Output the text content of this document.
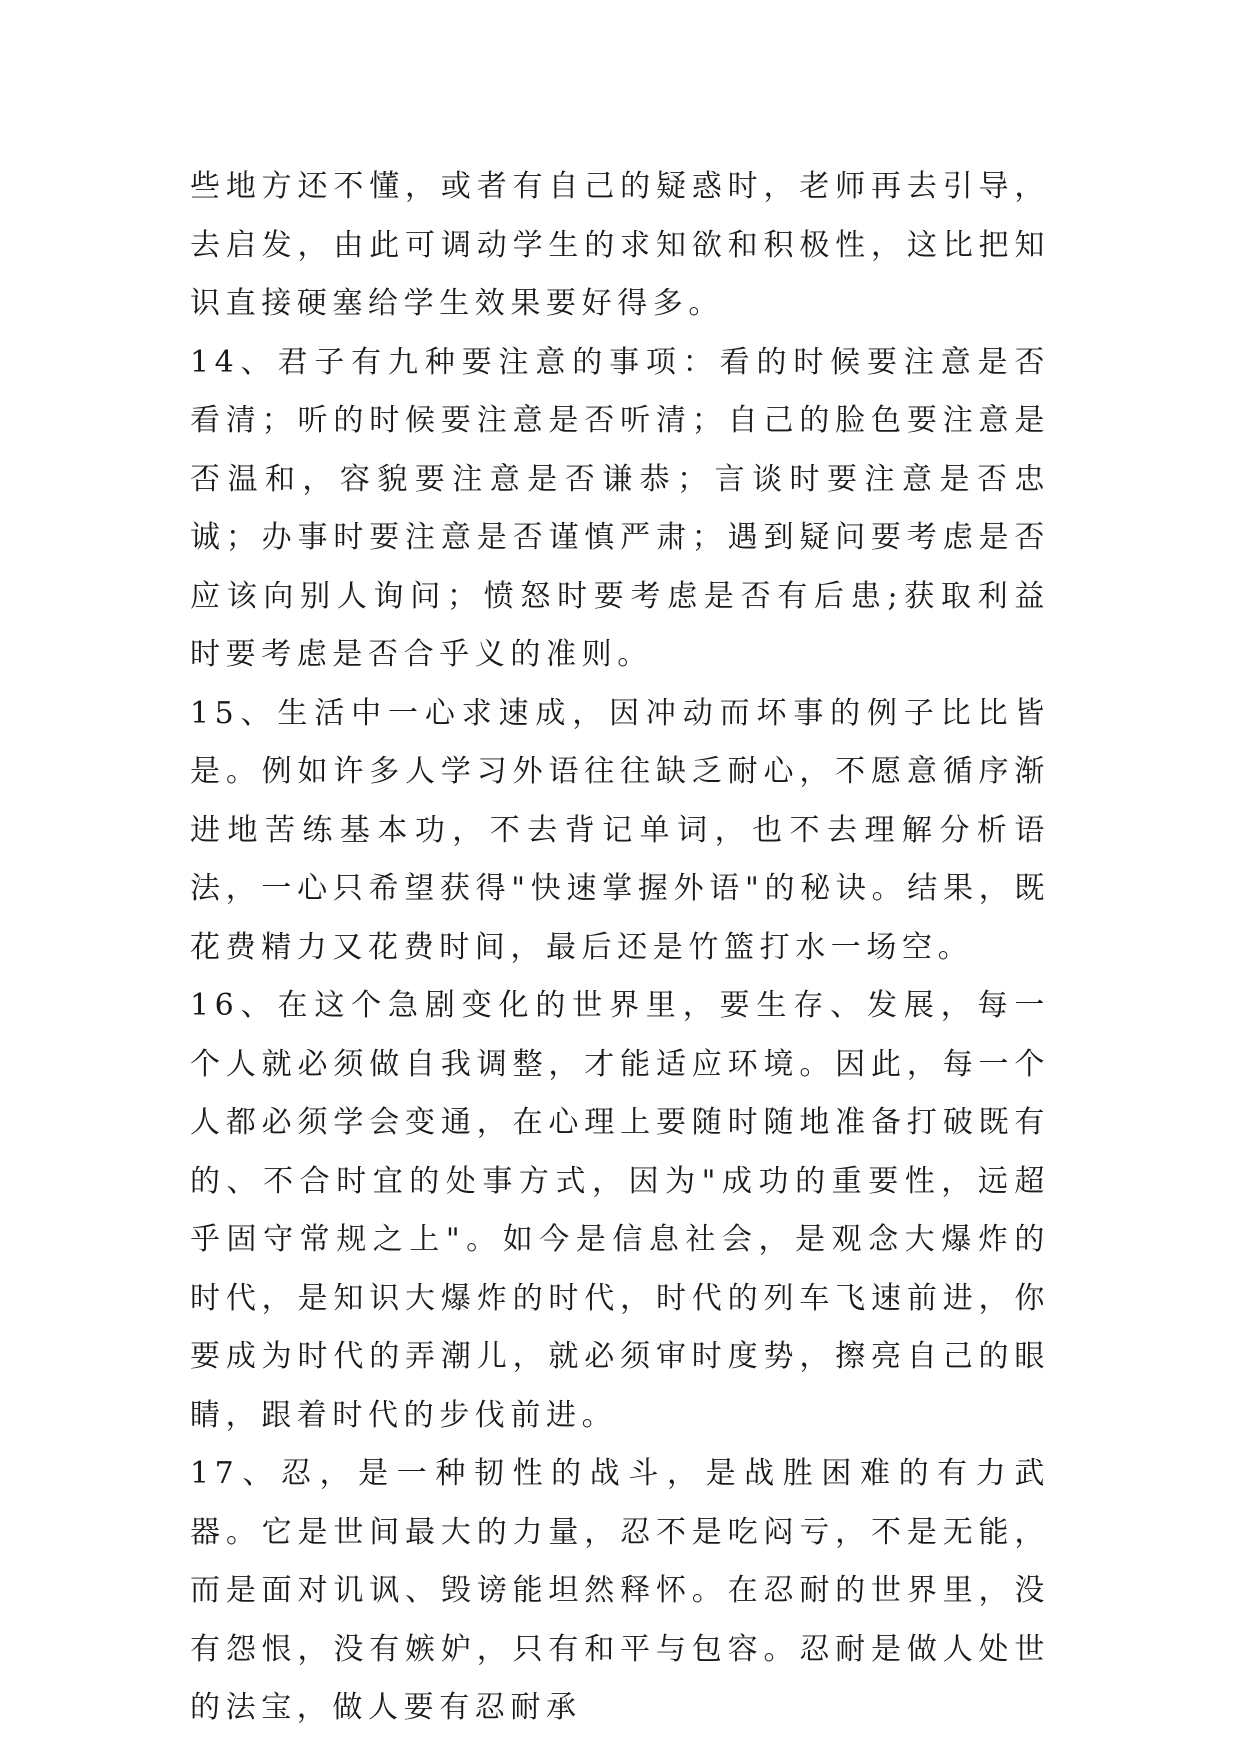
些地方还不懂，或者有自己的疑惑时，老师再去引导，去启发，由此可调动学生的求知欲和积极性，这比把知识直接硬塞给学生效果要好得多。

14、君子有九种要注意的事项：看的时候要注意是否看清；听的时候要注意是否听清；自己的脸色要注意是否温和，容貌要注意是否谦恭；言谈时要注意是否忠诚；办事时要注意是否谨慎严肃；遇到疑问要考虑是否应该向别人询问；愤怒时要考虑是否有后患;获取利益时要考虑是否合乎义的准则。

15、生活中一心求速成，因冲动而坏事的例子比比皆是。例如许多人学习外语往往缺乏耐心，不愿意循序渐进地苦练基本功，不去背记单词，也不去理解分析语法，一心只希望获得"快速掌握外语"的秘诀。结果，既花费精力又花费时间，最后还是竹篮打水一场空。

16、在这个急剧变化的世界里，要生存、发展，每一个人就必须做自我调整，才能适应环境。因此，每一个人都必须学会变通，在心理上要随时随地准备打破既有的、不合时宜的处事方式，因为"成功的重要性，远超乎固守常规之上"。如今是信息社会，是观念大爆炸的时代，是知识大爆炸的时代，时代的列车飞速前进，你要成为时代的弄潮儿，就必须审时度势，擦亮自己的眼睛，跟着时代的步伐前进。

17、忍，是一种韧性的战斗，是战胜困难的有力武器。它是世间最大的力量，忍不是吃闷亏，不是无能，而是面对讥讽、毁谤能坦然释怀。在忍耐的世界里，没有怨恨，没有嫉妒，只有和平与包容。忍耐是做人处世的法宝，做人要有忍耐承
